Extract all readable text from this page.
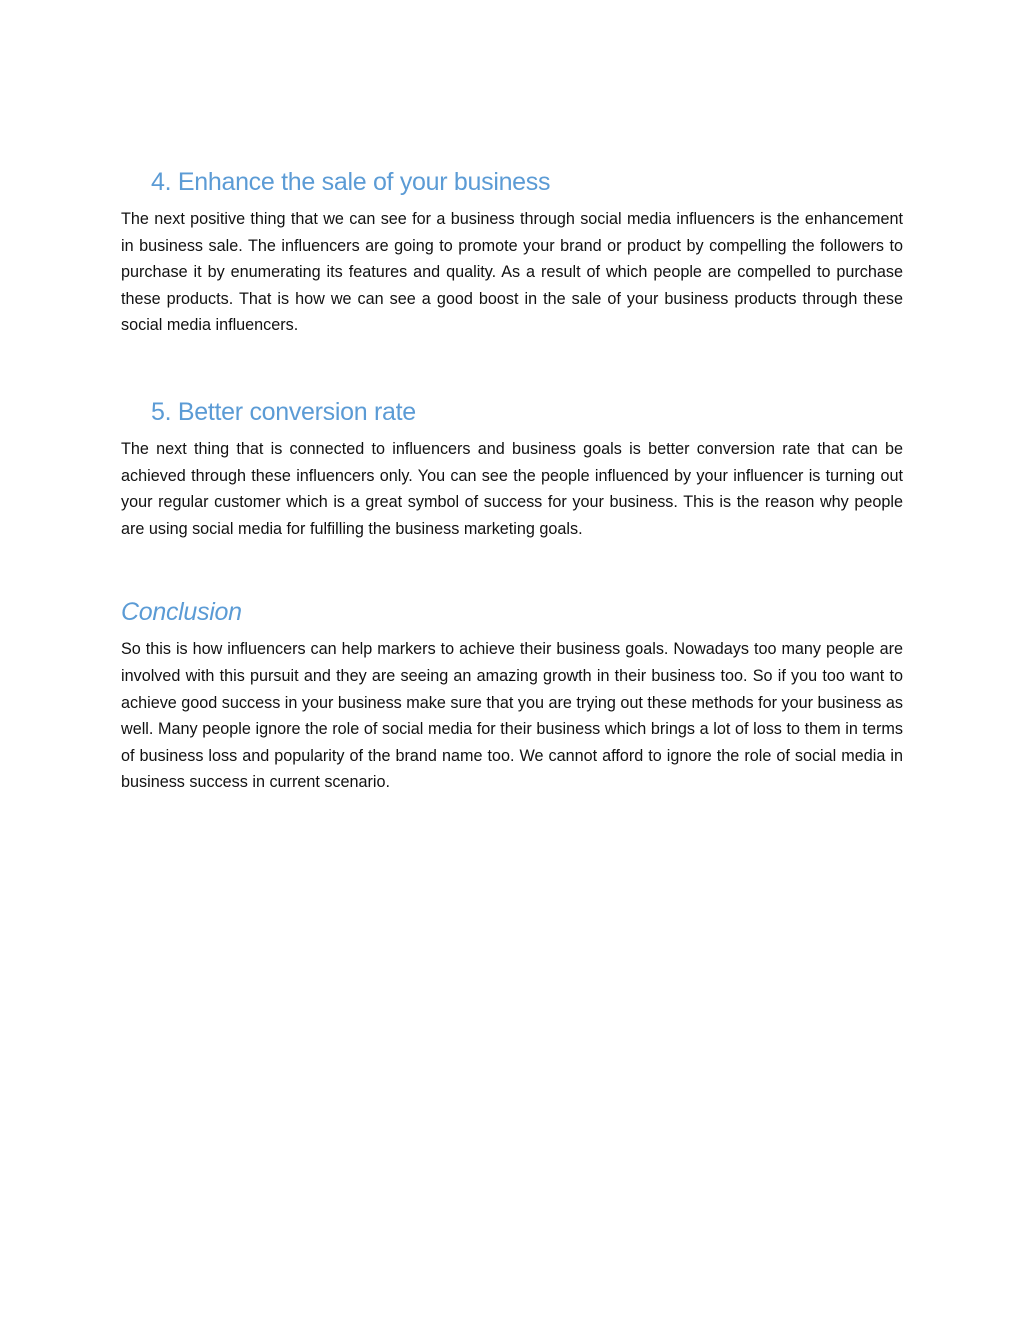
4. Enhance the sale of your business

The next positive thing that we can see for a business through social media influencers is the enhancement in business sale. The influencers are going to promote your brand or product by compelling the followers to purchase it by enumerating its features and quality. As a result of which people are compelled to purchase these products. That is how we can see a good boost in the sale of your business products through these social media influencers.

5. Better conversion rate

The next thing that is connected to influencers and business goals is better conversion rate that can be achieved through these influencers only. You can see the people influenced by your influencer is turning out your regular customer which is a great symbol of success for your business. This is the reason why people are using social media for fulfilling the business marketing goals.

Conclusion

So this is how influencers can help markers to achieve their business goals. Nowadays too many people are involved with this pursuit and they are seeing an amazing growth in their business too. So if you too want to achieve good success in your business make sure that you are trying out these methods for your business as well. Many people ignore the role of social media for their business which brings a lot of loss to them in terms of business loss and popularity of the brand name too. We cannot afford to ignore the role of social media in business success in current scenario.
